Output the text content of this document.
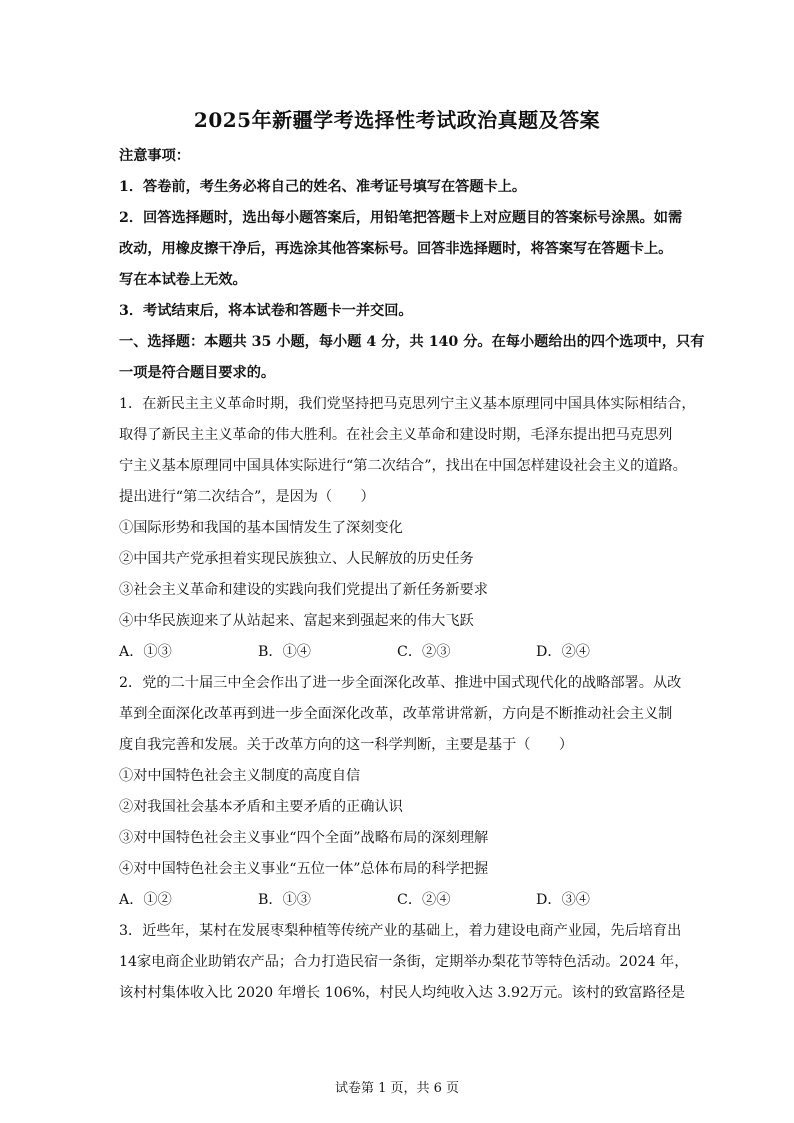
2025年新疆学考选择性考试政治真题及答案
注意事项：
1．答卷前，考生务必将自己的姓名、准考证号填写在答题卡上。
2．回答选择题时，选出每小题答案后，用铅笔把答题卡上对应题目的答案标号涂黑。如需
改动，用橡皮擦干净后，再选涂其他答案标号。回答非选择题时，将答案写在答题卡上。
写在本试卷上无效。
3．考试结束后，将本试卷和答题卡一并交回。
一、选择题：本题共 35 小题，每小题 4 分，共 140 分。在每小题给出的四个选项中，只有
一项是符合题目要求的。
1．在新民主主义革命时期，我们党坚持把马克思列宁主义基本原理同中国具体实际相结合，
取得了新民主主义革命的伟大胜利。在社会主义革命和建设时期，毛泽东提出把马克思列
宁主义基本原理同中国具体实际进行“第二次结合”，找出在中国怎样建设社会主义的道路。
提出进行“第二次结合”，是因为（　　）
①国际形势和我国的基本国情发生了深刻变化
②中国共产党承担着实现民族独立、人民解放的历史任务
③社会主义革命和建设的实践向我们党提出了新任务新要求
④中华民族迎来了从站起来、富起来到强起来的伟大飞跃
A．①③	B．①④	C．②③	D．②④
2．党的二十届三中全会作出了进一步全面深化改革、推进中国式现代化的战略部署。从改
革到全面深化改革再到进一步全面深化改革，改革常讲常新，方向是不断推动社会主义制
度自我完善和发展。关于改革方向的这一科学判断，主要是基于（　　）
①对中国特色社会主义制度的高度自信
②对我国社会基本矛盾和主要矛盾的正确认识
③对中国特色社会主义事业“四个全面”战略布局的深刻理解
④对中国特色社会主义事业“五位一体”总体布局的科学把握
A．①②	B．①③	C．②④	D．③④
3．近些年，某村在发展枣梨种植等传统产业的基础上，着力建设电商产业园，先后培育出
14家电商企业助销农产品；合力打造民宿一条街，定期举办梨花节等特色活动。2024 年，
该村村集体收入比 2020 年增长 106%，村民人均纯收入达 3.92万元。该村的致富路径是
试卷第 1 页，共 6 页
